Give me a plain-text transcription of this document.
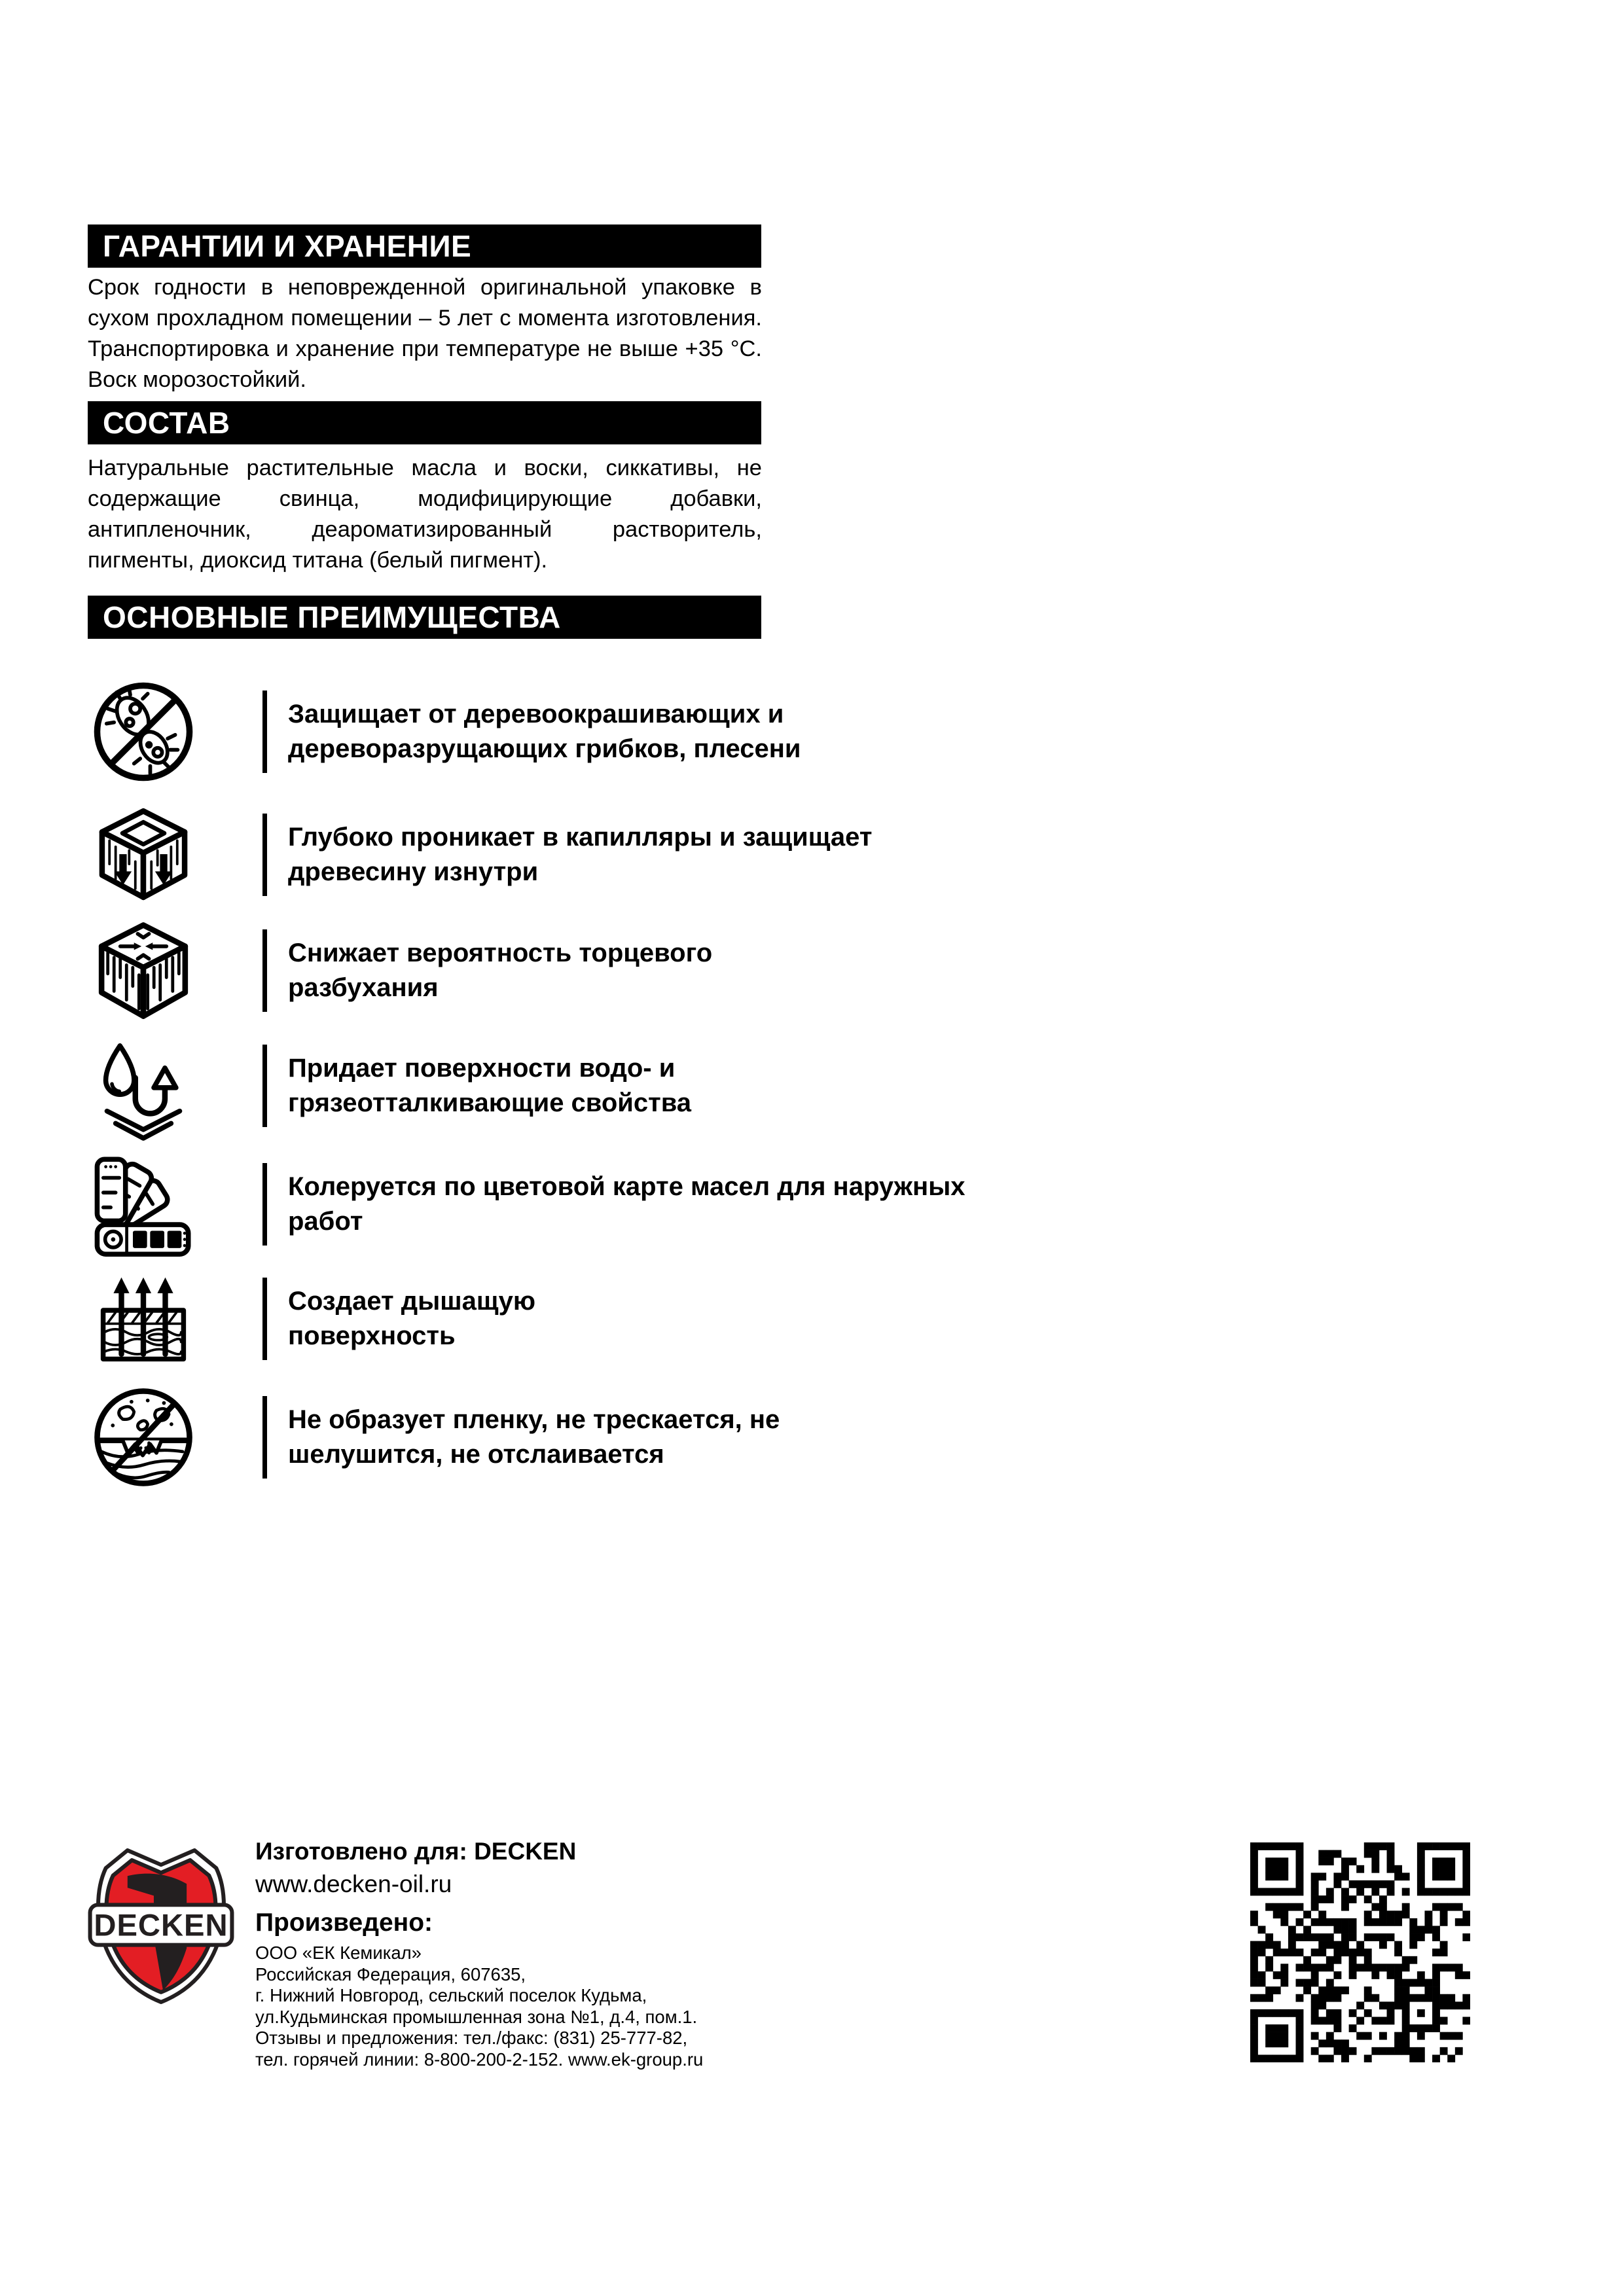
ГАРАНТИИ И ХРАНЕНИЕ
Срок годности в неповрежденной оригинальной упаковке в сухом прохладном помещении – 5 лет с момента изготовления. Транспортировка и хранение при температуре не выше +35 °С. Воск морозостойкий.
СОСТАВ
Натуральные растительные масла и воски, сиккативы, не содержащие свинца, модифицирующие добавки, антипленочник, деароматизированный растворитель, пигменты, диоксид титана (белый пигмент).
ОСНОВНЫЕ ПРЕИМУЩЕСТВА
Защищает от деревоокрашивающих и
дереворазрущающих грибков, плесени
Глубоко проникает в капилляры и защищает
древесину изнутри
Снижает вероятность торцевого
разбухания
Придает поверхности водо- и
грязеотталкивающие свойства
Колеруется по цветовой карте масел для наружных
работ
Создает дышащую
поверхность
Не образует пленку, не трескается, не
шелушится, не отслаивается
DECKEN
Изготовлено для: DECKEN
www.decken-oil.ru
Произведено:
ООО «ЕК Кемикал»
Российская Федерация, 607635,
г. Нижний Новгород, сельский поселок Кудьма,
ул.Кудьминская промышленная зона №1, д.4, пом.1.
Отзывы и предложения: тел./факс: (831) 25-777-82,
тел. горячей линии: 8-800-200-2-152. www.ek-group.ru
